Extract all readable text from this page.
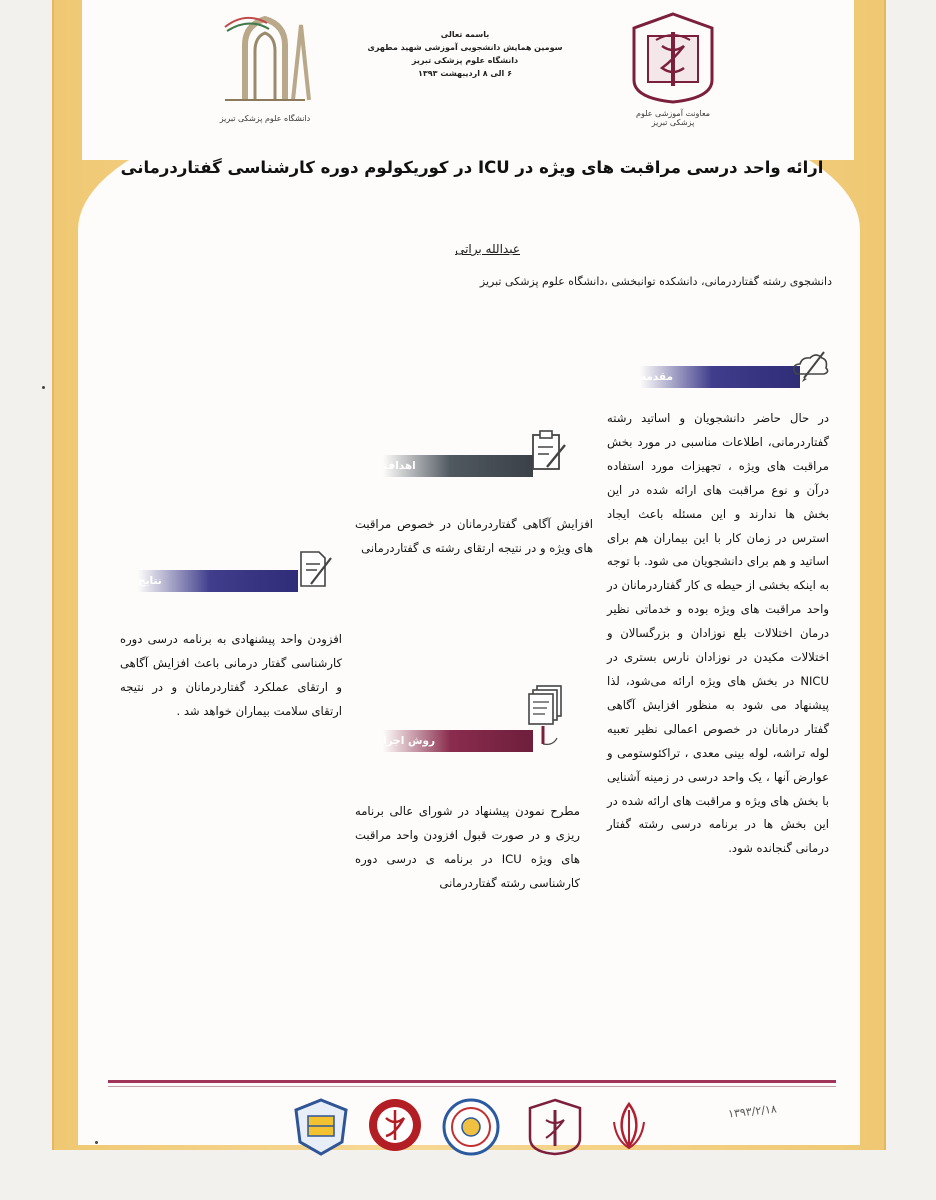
معاونت آموزشی علوم پزشکی تبریز
دانشگاه علوم پزشکی تبریز
باسمه تعالی
سومین همایش دانشجویی آموزشی شهید مطهری
دانشگاه علوم پزشکی تبریز
۶ الی ۸ اردیبهشت ۱۳۹۳
ارائه واحد درسی مراقبت های ویژه در ICU در کوریکولوم دوره کارشناسی گفتاردرمانی
عبدالله براتی
دانشجوی رشته گفتاردرمانی، دانشکده توانبخشی ،دانشگاه علوم پزشکی تبریز
مقدمه
در حال حاضر دانشجویان و اساتید رشته گفتاردرمانی، اطلاعات مناسبی در مورد بخش مراقبت های ویژه ، تجهیزات مورد استفاده درآن و نوع مراقبت های ارائه شده در این بخش ها ندارند و این مسئله باعث ایجاد استرس در زمان کار با این بیماران هم برای اساتید و هم برای دانشجویان می شود. با توجه به اینکه بخشی از حیطه ی کار گفتاردرمانان در واحد مراقبت های ویژه بوده و خدماتی نظیر درمان اختلالات بلع نوزادان و بزرگسالان و اختلالات مکیدن در نوزادان نارس بستری در NICU در بخش های ویژه ارائه می‌شود، لذا پیشنهاد می شود به منظور افزایش آگاهی گفتار درمانان در خصوص اعمالی نظیر تعبیه لوله تراشه، لوله بینی معدی ، تراکئوستومی و عوارض آنها ، یک واحد درسی در زمینه آشنایی با بخش های ویژه و مراقبت های ارائه شده در این بخش ها در برنامه درسی رشته گفتار درمانی گنجانده شود.
اهداف
افزایش آگاهی گفتاردرمانان در خصوص مراقبت های ویژه و در نتیجه ارتقای رشته ی گفتاردرمانی
نتایج
افزودن واحد پیشنهادی به برنامه درسی دوره کارشناسی گفتار درمانی باعث افزایش آگاهی و ارتقای عملکرد گفتاردرمانان و در نتیجه ارتقای سلامت بیماران خواهد شد .
روش اجرا
مطرح نمودن پیشنهاد در شورای عالی برنامه ریزی و در صورت قبول افزودن واحد مراقبت های ویژه ICU در برنامه ی درسی دوره کارشناسی رشته گفتاردرمانی
۱۳۹۳/۲/۱۸
